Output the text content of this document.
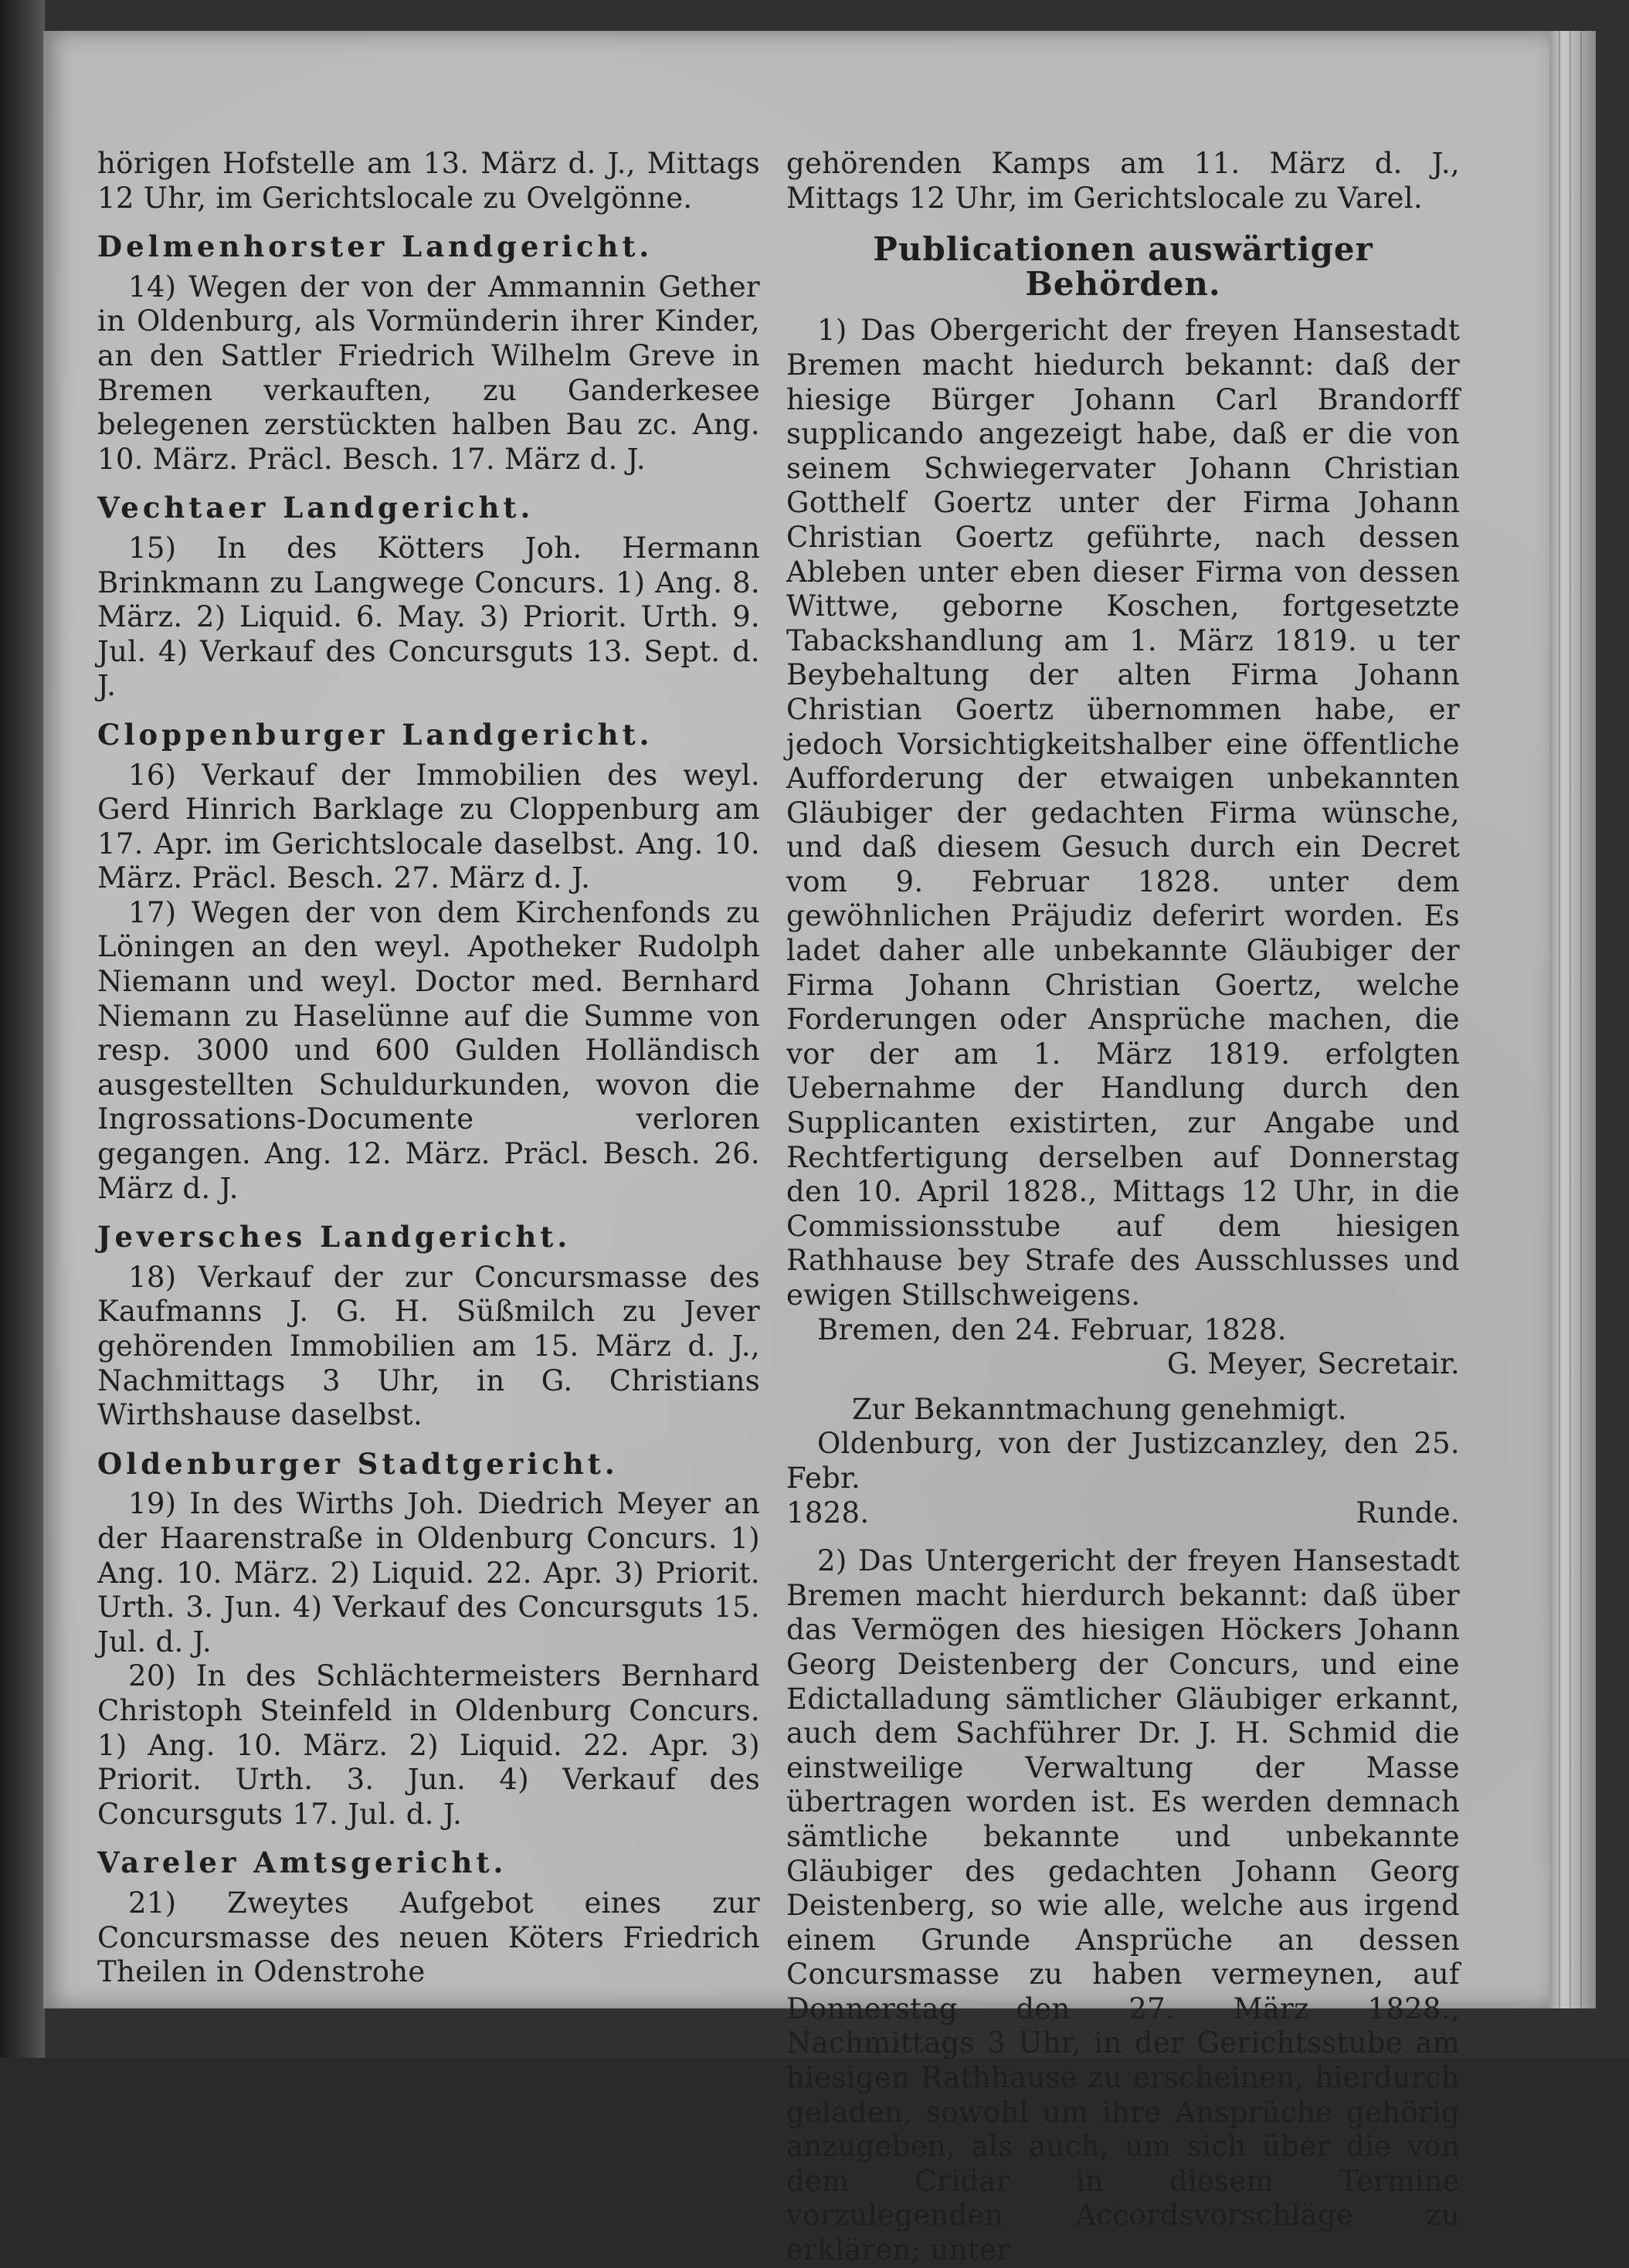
hörigen Hofstelle am 13. März d. J., Mittags 12 Uhr, im Gerichtslocale zu Ovelgönne.

Delmenhorster Landgericht.

14) Wegen der von der Ammannin Gether in Oldenburg, als Vormünderin ihrer Kinder, an den Sattler Friedrich Wilhelm Greve in Bremen verkauften, zu Ganderkesee belegenen zerstückten halben Bau zc. Ang. 10. März. Präcl. Besch. 17. März d. J.

Vechtaer Landgericht.

15) In des Kötters Joh. Hermann Brinkmann zu Langwege Concurs. 1) Ang. 8. März. 2) Liquid. 6. May. 3) Priorit. Urth. 9. Jul. 4) Verkauf des Concursguts 13. Sept. d. J.

Cloppenburger Landgericht.

16) Verkauf der Immobilien des weyl. Gerd Hinrich Barklage zu Cloppenburg am 17. Apr. im Gerichtslocale daselbst. Ang. 10. März. Präcl. Besch. 27. März d. J.

17) Wegen der von dem Kirchenfonds zu Löningen an den weyl. Apotheker Rudolph Niemann und weyl. Doctor med. Bernhard Niemann zu Haselünne auf die Summe von resp. 3000 und 600 Gulden Holländisch ausgestellten Schuldurkunden, wovon die Ingrossations-Documente verloren gegangen. Ang. 12. März. Präcl. Besch. 26. März d. J.

Jeversches Landgericht.

18) Verkauf der zur Concursmasse des Kaufmanns J. G. H. Süßmilch zu Jever gehörenden Immobilien am 15. März d. J., Nachmittags 3 Uhr, in G. Christians Wirthshause daselbst.

Oldenburger Stadtgericht.

19) In des Wirths Joh. Diedrich Meyer an der Haarenstraße in Oldenburg Concurs. 1) Ang. 10. März. 2) Liquid. 22. Apr. 3) Priorit. Urth. 3. Jun. 4) Verkauf des Concursguts 15. Jul. d. J.

20) In des Schlächtermeisters Bernhard Christoph Steinfeld in Oldenburg Concurs. 1) Ang. 10. März. 2) Liquid. 22. Apr. 3) Priorit. Urth. 3. Jun. 4) Verkauf des Concursguts 17. Jul. d. J.

Vareler Amtsgericht.

21) Zweytes Aufgebot eines zur Concursmasse des neuen Köters Friedrich Theilen in Odenstrohe

gehörenden Kamps am 11. März d. J., Mittags 12 Uhr, im Gerichtslocale zu Varel.

Publicationen auswärtiger Behörden.

1) Das Obergericht der freyen Hansestadt Bremen macht hiedurch bekannt: daß der hiesige Bürger Johann Carl Brandorff supplicando angezeigt habe, daß er die von seinem Schwiegervater Johann Christian Gotthelf Goertz unter der Firma Johann Christian Goertz geführte, nach dessen Ableben unter eben dieser Firma von dessen Wittwe, geborne Koschen, fortgesetzte Tabackshandlung am 1. März 1819. u ter Beybehaltung der alten Firma Johann Christian Goertz übernommen habe, er jedoch Vorsichtigkeitshalber eine öffentliche Aufforderung der etwaigen unbekannten Gläubiger der gedachten Firma wünsche, und daß diesem Gesuch durch ein Decret vom 9. Februar 1828. unter dem gewöhnlichen Präjudiz deferirt worden. Es ladet daher alle unbekannte Gläubiger der Firma Johann Christian Goertz, welche Forderungen oder Ansprüche machen, die vor der am 1. März 1819. erfolgten Uebernahme der Handlung durch den Supplicanten existirten, zur Angabe und Rechtfertigung derselben auf Donnerstag den 10. April 1828., Mittags 12 Uhr, in die Commissionsstube auf dem hiesigen Rathhause bey Strafe des Ausschlusses und ewigen Stillschweigens.

Bremen, den 24. Februar, 1828.

G. Meyer, Secretair.

Zur Bekanntmachung genehmigt.

Oldenburg, von der Justizcanzley, den 25. Febr.

1828.	Runde.

2) Das Untergericht der freyen Hansestadt Bremen macht hierdurch bekannt: daß über das Vermögen des hiesigen Höckers Johann Georg Deistenberg der Concurs, und eine Edictalladung sämtlicher Gläubiger erkannt, auch dem Sachführer Dr. J. H. Schmid die einstweilige Verwaltung der Masse übertragen worden ist. Es werden demnach sämtliche bekannte und unbekannte Gläubiger des gedachten Johann Georg Deistenberg, so wie alle, welche aus irgend einem Grunde Ansprüche an dessen Concursmasse zu haben vermeynen, auf Donnerstag den 27. März 1828., Nachmittags 3 Uhr, in der Gerichtsstube am hiesigen Rathhause zu erscheinen, hierdurch geladen, sowohl um ihre Ansprüche gehörig anzugeben, als auch, um sich über die von dem Cridar in diesem Termine vorzulegenden Accordsvorschläge zu erklären; unter
